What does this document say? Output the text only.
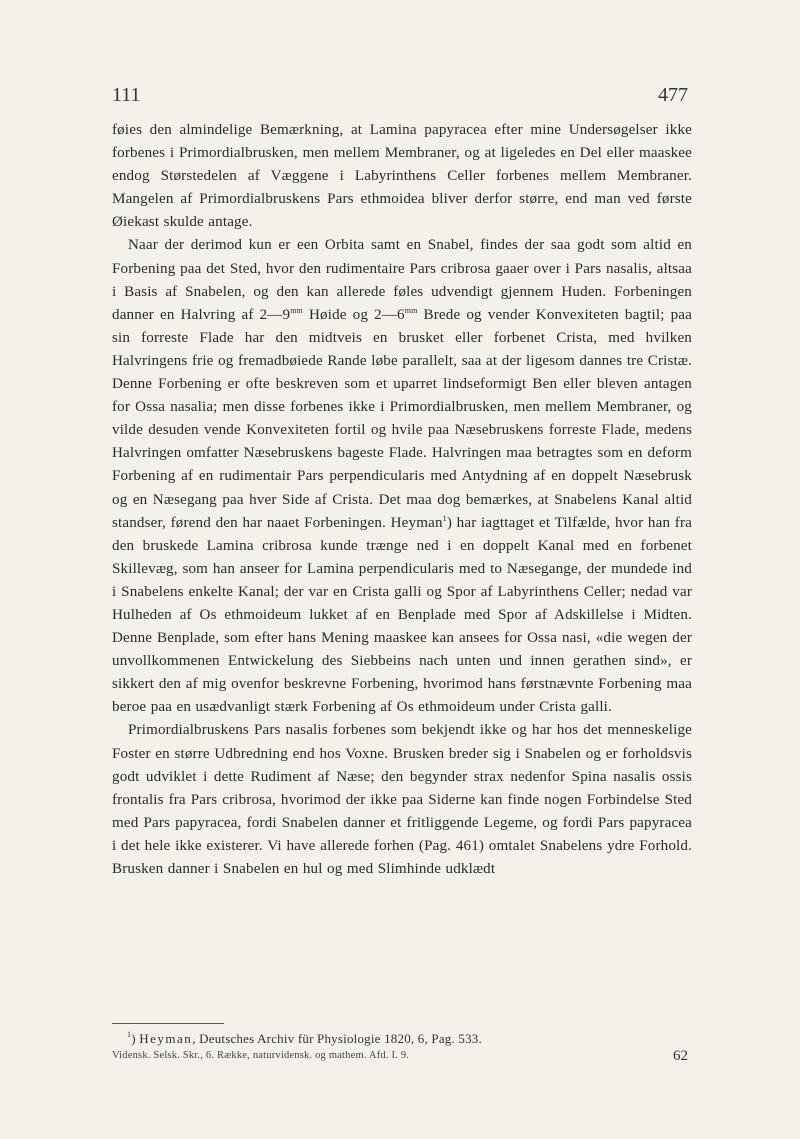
111	477

føies den almindelige Bemærkning, at Lamina papyracea efter mine Undersøgelser ikke forbenes i Primordialbrusken, men mellem Membraner, og at ligeledes en Del eller maaskee endog Størstedelen af Væggene i Labyrinthens Celler forbenes mellem Membraner. Mangelen af Primordialbruskens Pars ethmoidea bliver derfor større, end man ved første Øiekast skulde antage.

Naar der derimod kun er een Orbita samt en Snabel, findes der saa godt som altid en Forbening paa det Sted, hvor den rudimentaire Pars cribrosa gaaer over i Pars nasalis, altsaa i Basis af Snabelen, og den kan allerede føles udvendigt gjennem Huden. Forbeningen danner en Halvring af $2—9^{mm}$ Høide og $2—6^{mm}$ Brede og vender Konvexiteten bagtil; paa sin forreste Flade har den midtveis en brusket eller forbenet Crista, med hvilken Halvringens frie og fremadbøiede Rande løbe parallelt, saa at der ligesom dannes tre Cristæ. Denne Forbening er ofte beskreven som et uparret lindseformigt Ben eller bleven antagen for Ossa nasalia; men disse forbenes ikke i Primordialbrusken, men mellem Membraner, og vilde desuden vende Konvexiteten fortil og hvile paa Næsebruskens forreste Flade, medens Halvringen omfatter Næsebruskens bageste Flade. Halvringen maa betragtes som en deform Forbening af en rudimentair Pars perpendicularis med Antydning af en doppelt Næsebrusk og en Næsegang paa hver Side af Crista. Det maa dog bemærkes, at Snabelens Kanal altid standser, førend den har naaet Forbeningen. Heyman$^1$) har iagttaget et Tilfælde, hvor han fra den bruskede Lamina cribrosa kunde trænge ned i en doppelt Kanal med en forbenet Skillevæg, som han anseer for Lamina perpendicularis med to Næsegange, der mundede ind i Snabelens enkelte Kanal; der var en Crista galli og Spor af Labyrinthens Celler; nedad var Hulheden af Os ethmoideum lukket af en Benplade med Spor af Adskillelse i Midten. Denne Benplade, som efter hans Mening maaskee kan ansees for Ossa nasi, «die wegen der unvollkommenen Entwickelung des Siebbeins nach unten und innen gerathen sind», er sikkert den af mig ovenfor beskrevne Forbening, hvorimod hans førstnævnte Forbening maa beroe paa en usædvanligt stærk Forbening af Os ethmoideum under Crista galli.

Primordialbruskens Pars nasalis forbenes som bekjendt ikke og har hos det menneskelige Foster en større Udbredning end hos Voxne. Brusken breder sig i Snabelen og er forholdsvis godt udviklet i dette Rudiment af Næse; den begynder strax nedenfor Spina nasalis ossis frontalis fra Pars cribrosa, hvorimod der ikke paa Siderne kan finde nogen Forbindelse Sted med Pars papyracea, fordi Snabelen danner et fritliggende Legeme, og fordi Pars papyracea i det hele ikke existerer. Vi have allerede forhen (Pag. 461) omtalet Snabelens ydre Forhold. Brusken danner i Snabelen en hul og med Slimhinde udklædt

$^1$) Heyman, Deutsches Archiv für Physiologie 1820, 6, Pag. 533.
Vidensk. Selsk. Skr., 6. Række, naturvidensk. og mathem. Afd. I. 9.	62
